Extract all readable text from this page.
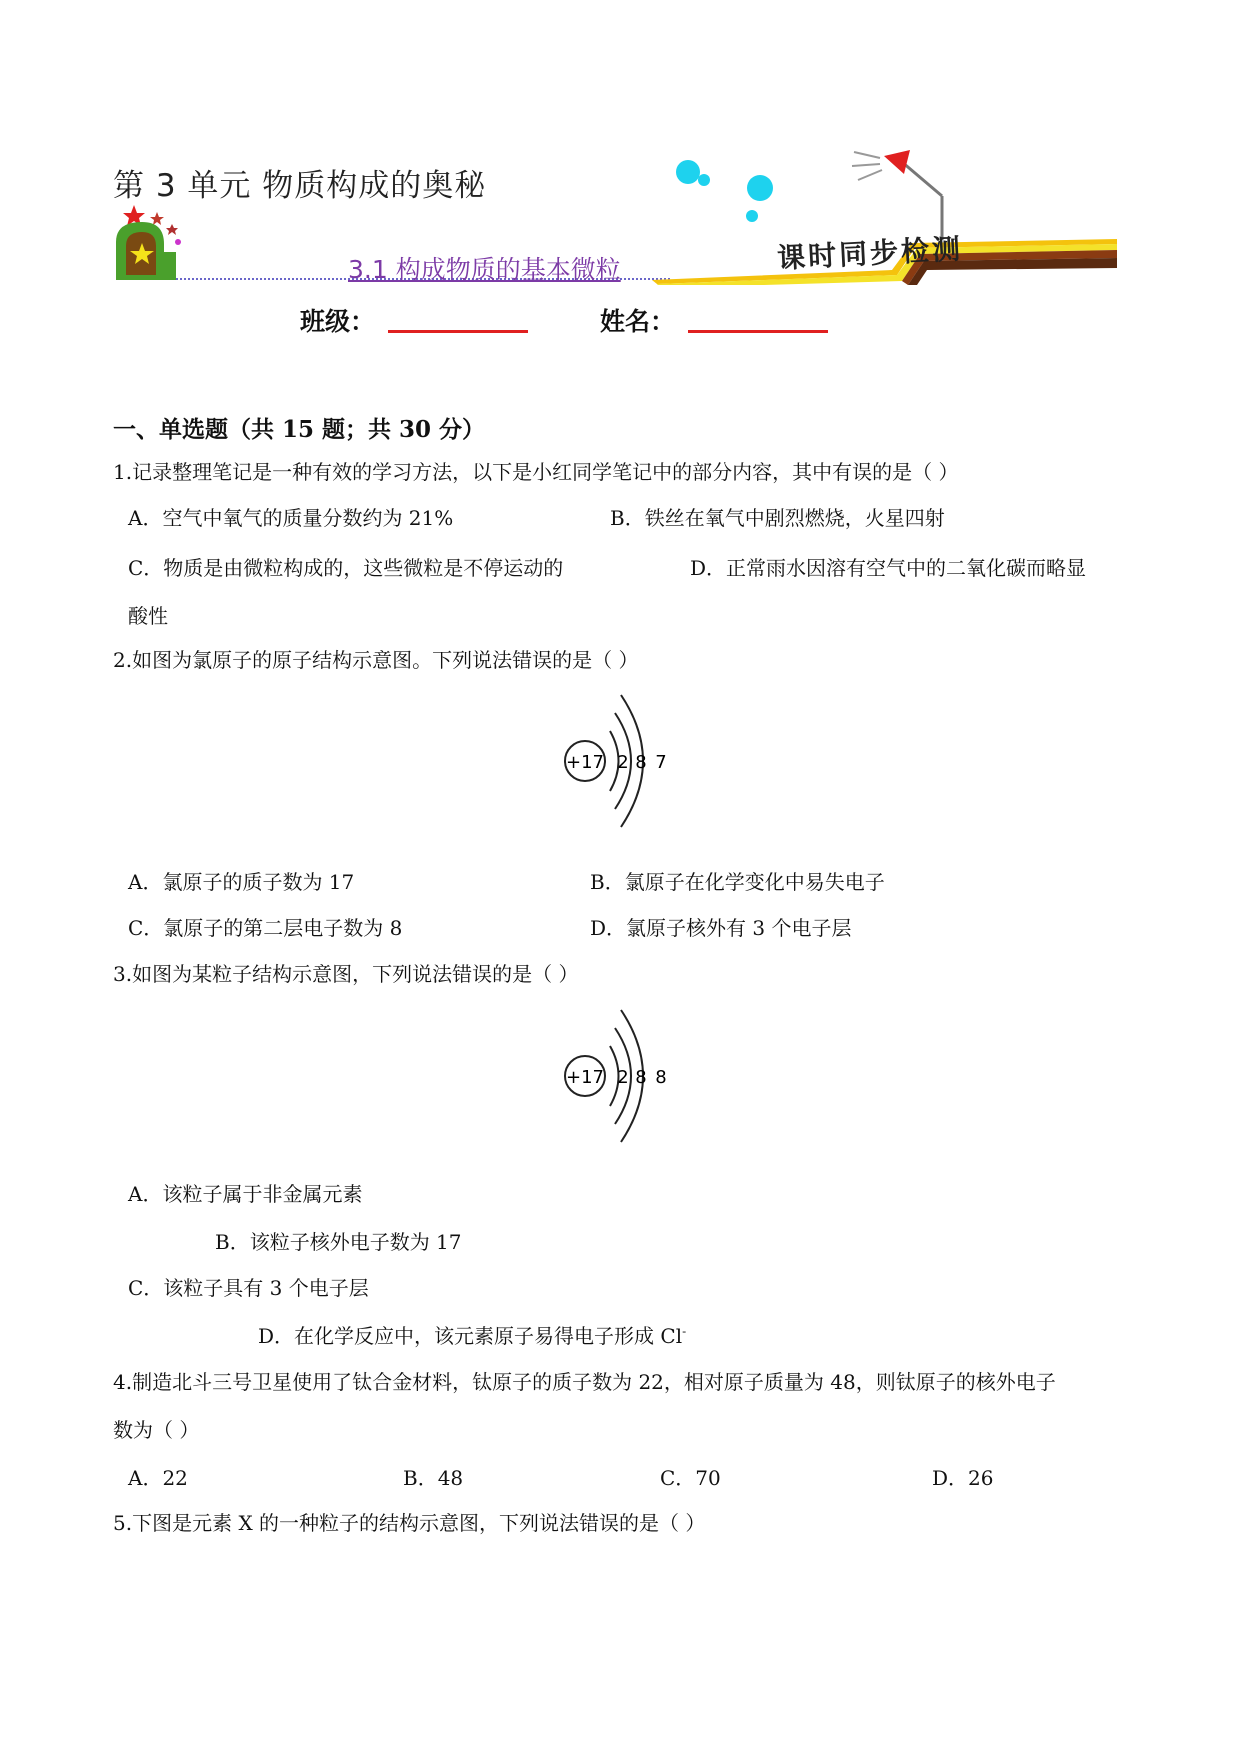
第 3 单元 物质构成的奥秘
3.1 构成物质的基本微粒	课时同步检测
班级：	姓名：
一、单选题（共 15 题；共 30 分）
1.记录整理笔记是一种有效的学习方法，以下是小红同学笔记中的部分内容，其中有误的是（ ）
A．空气中氧气的质量分数约为 21%	B．铁丝在氧气中剧烈燃烧，火星四射
C．物质是由微粒构成的，这些微粒是不停运动的	D．正常雨水因溶有空气中的二氧化碳而略显
酸性
2.如图为氯原子的原子结构示意图。下列说法错误的是（ ）
+17 2 8 7
A．氯原子的质子数为 17	B．氯原子在化学变化中易失电子
C．氯原子的第二层电子数为 8	D．氯原子核外有 3 个电子层
3.如图为某粒子结构示意图，下列说法错误的是（ ）
+17 2 8 8
A．该粒子属于非金属元素
B．该粒子核外电子数为 17
C．该粒子具有 3 个电子层
D．在化学反应中，该元素原子易得电子形成 Cl-
4.制造北斗三号卫星使用了钛合金材料，钛原子的质子数为 22，相对原子质量为 48，则钛原子的核外电子
数为（ ）
A．22	B．48	C．70	D．26
5.下图是元素 X 的一种粒子的结构示意图，下列说法错误的是（ ）
